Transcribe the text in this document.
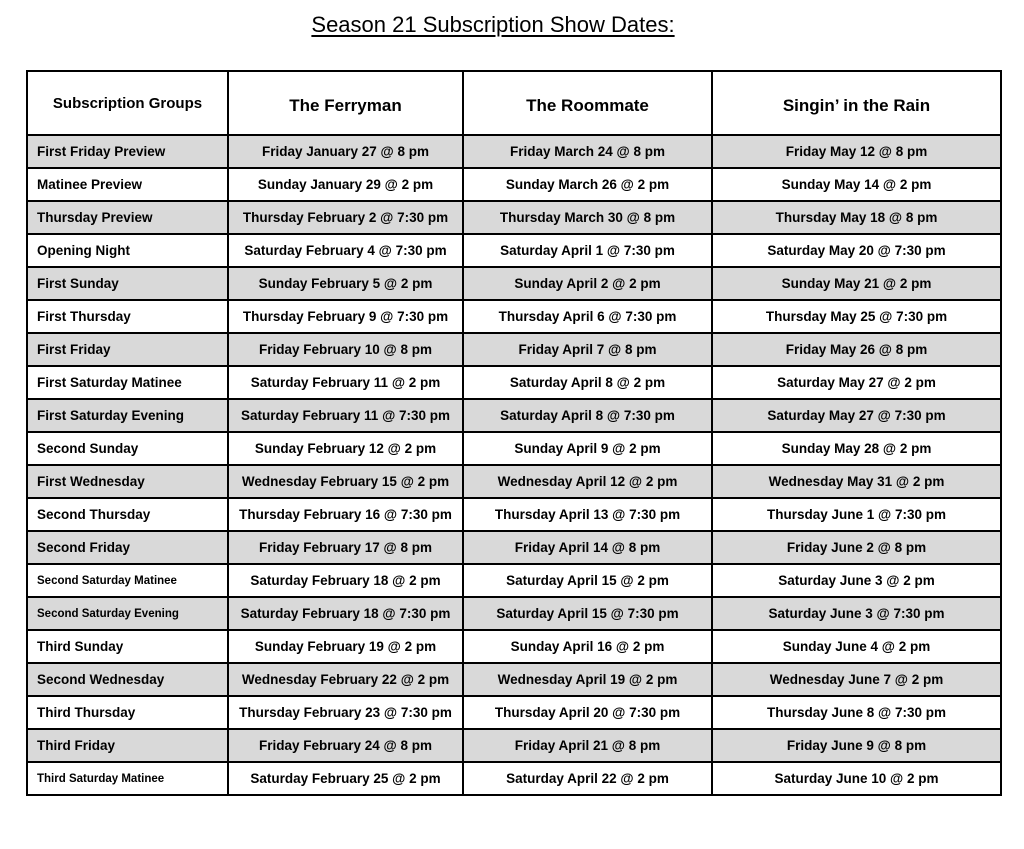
Season 21 Subscription Show Dates:
Subscription Groups	The Ferryman	The Roommate	Singin’ in the Rain
First Friday Preview	Friday January 27 @ 8 pm	Friday March 24 @ 8 pm	Friday May 12 @ 8 pm
Matinee Preview	Sunday January 29 @ 2 pm	Sunday March 26 @ 2 pm	Sunday May 14 @ 2 pm
Thursday Preview	Thursday February 2 @ 7:30 pm	Thursday March 30 @ 8 pm	Thursday May 18 @ 8 pm
Opening Night	Saturday February 4 @ 7:30 pm	Saturday April 1 @ 7:30 pm	Saturday May 20 @ 7:30 pm
First Sunday	Sunday February 5 @ 2 pm	Sunday April 2 @ 2 pm	Sunday May 21 @ 2 pm
First Thursday	Thursday February 9 @ 7:30 pm	Thursday April 6 @ 7:30 pm	Thursday May 25 @ 7:30 pm
First Friday	Friday February 10 @ 8 pm	Friday April 7 @ 8 pm	Friday May 26 @ 8 pm
First Saturday Matinee	Saturday February 11 @ 2 pm	Saturday April 8 @ 2 pm	Saturday May 27 @ 2 pm
First Saturday Evening	Saturday February 11 @ 7:30 pm	Saturday April 8 @ 7:30 pm	Saturday May 27 @ 7:30 pm
Second Sunday	Sunday February 12 @ 2 pm	Sunday April 9 @ 2 pm	Sunday May 28 @ 2 pm
First Wednesday	Wednesday February 15 @ 2 pm	Wednesday April 12 @ 2 pm	Wednesday May 31 @ 2 pm
Second Thursday	Thursday February 16 @ 7:30 pm	Thursday April 13 @ 7:30 pm	Thursday June 1 @ 7:30 pm
Second Friday	Friday February 17 @ 8 pm	Friday April 14 @ 8 pm	Friday June 2 @ 8 pm
Second Saturday Matinee	Saturday February 18 @ 2 pm	Saturday April 15 @ 2 pm	Saturday June 3 @ 2 pm
Second Saturday Evening	Saturday February 18 @ 7:30 pm	Saturday April 15 @ 7:30 pm	Saturday June 3 @ 7:30 pm
Third Sunday	Sunday February 19 @ 2 pm	Sunday April 16 @ 2 pm	Sunday June 4 @ 2 pm
Second Wednesday	Wednesday February 22 @ 2 pm	Wednesday April 19 @ 2 pm	Wednesday June 7 @ 2 pm
Third Thursday	Thursday February 23 @ 7:30 pm	Thursday April 20 @ 7:30 pm	Thursday June 8 @ 7:30 pm
Third Friday	Friday February 24 @ 8 pm	Friday April 21 @ 8 pm	Friday June 9 @ 8 pm
Third Saturday Matinee	Saturday February 25 @ 2 pm	Saturday April 22 @ 2 pm	Saturday June 10 @ 2 pm
